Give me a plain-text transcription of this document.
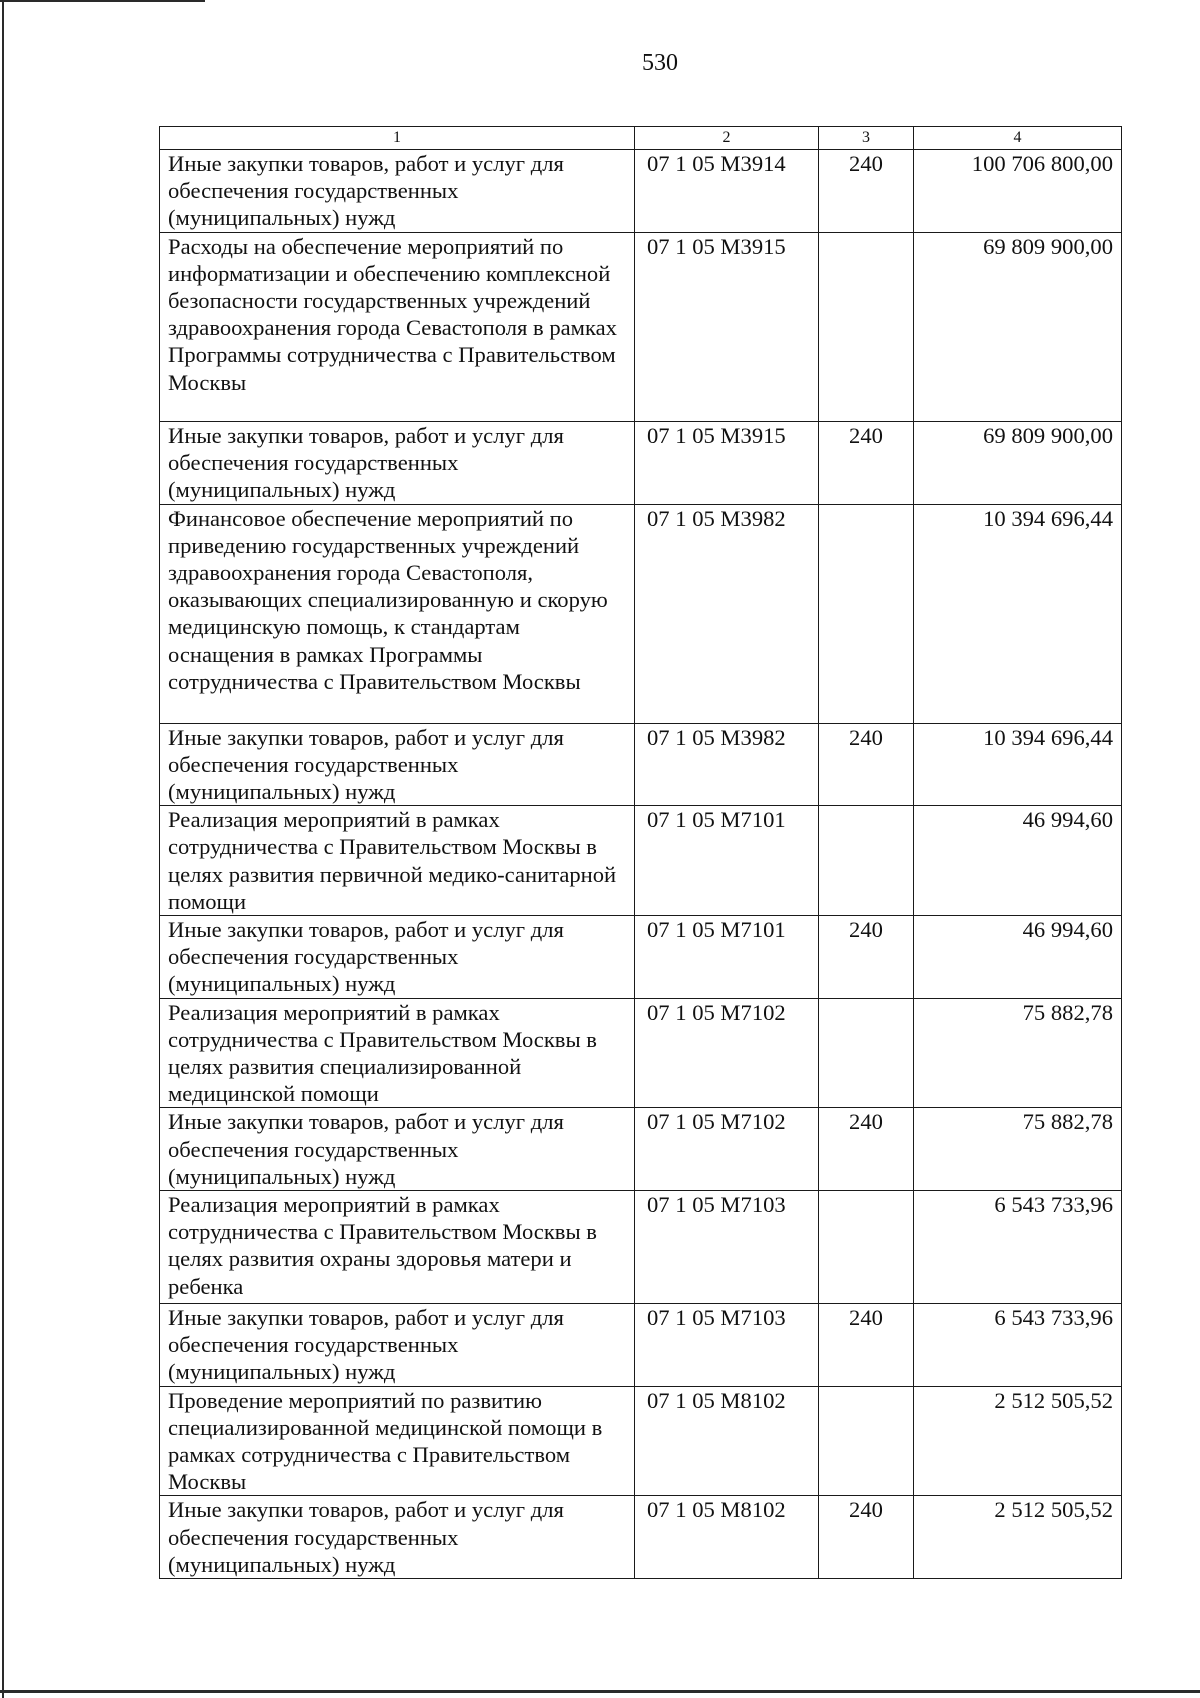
530
1	2	3	4
Иные закупки товаров, работ и услуг для обеспечения государственных (муниципальных) нужд	07 1 05 M3914	240	100 706 800,00
Расходы на обеспечение мероприятий по информатизации и обеспечению комплексной безопасности государственных учреждений здравоохранения города Севастополя в рамках Программы сотрудничества с Правительством Москвы	07 1 05 M3915		69 809 900,00
Иные закупки товаров, работ и услуг для обеспечения государственных (муниципальных) нужд	07 1 05 M3915	240	69 809 900,00
Финансовое обеспечение мероприятий по приведению государственных учреждений здравоохранения города Севастополя, оказывающих специализированную и скорую медицинскую помощь, к стандартам оснащения в рамках Программы сотрудничества с Правительством Москвы	07 1 05 M3982		10 394 696,44
Иные закупки товаров, работ и услуг для обеспечения государственных (муниципальных) нужд	07 1 05 M3982	240	10 394 696,44
Реализация мероприятий в рамках сотрудничества с Правительством Москвы в целях развития первичной медико-санитарной помощи	07 1 05 M7101		46 994,60
Иные закупки товаров, работ и услуг для обеспечения государственных (муниципальных) нужд	07 1 05 M7101	240	46 994,60
Реализация мероприятий в рамках сотрудничества с Правительством Москвы в целях развития специализированной медицинской помощи	07 1 05 M7102		75 882,78
Иные закупки товаров, работ и услуг для обеспечения государственных (муниципальных) нужд	07 1 05 M7102	240	75 882,78
Реализация мероприятий в рамках сотрудничества с Правительством Москвы в целях развития охраны здоровья матери и ребенка	07 1 05 M7103		6 543 733,96
Иные закупки товаров, работ и услуг для обеспечения государственных (муниципальных) нужд	07 1 05 M7103	240	6 543 733,96
Проведение мероприятий по развитию специализированной медицинской помощи в рамках сотрудничества с Правительством Москвы	07 1 05 M8102		2 512 505,52
Иные закупки товаров, работ и услуг для обеспечения государственных (муниципальных) нужд	07 1 05 M8102	240	2 512 505,52
